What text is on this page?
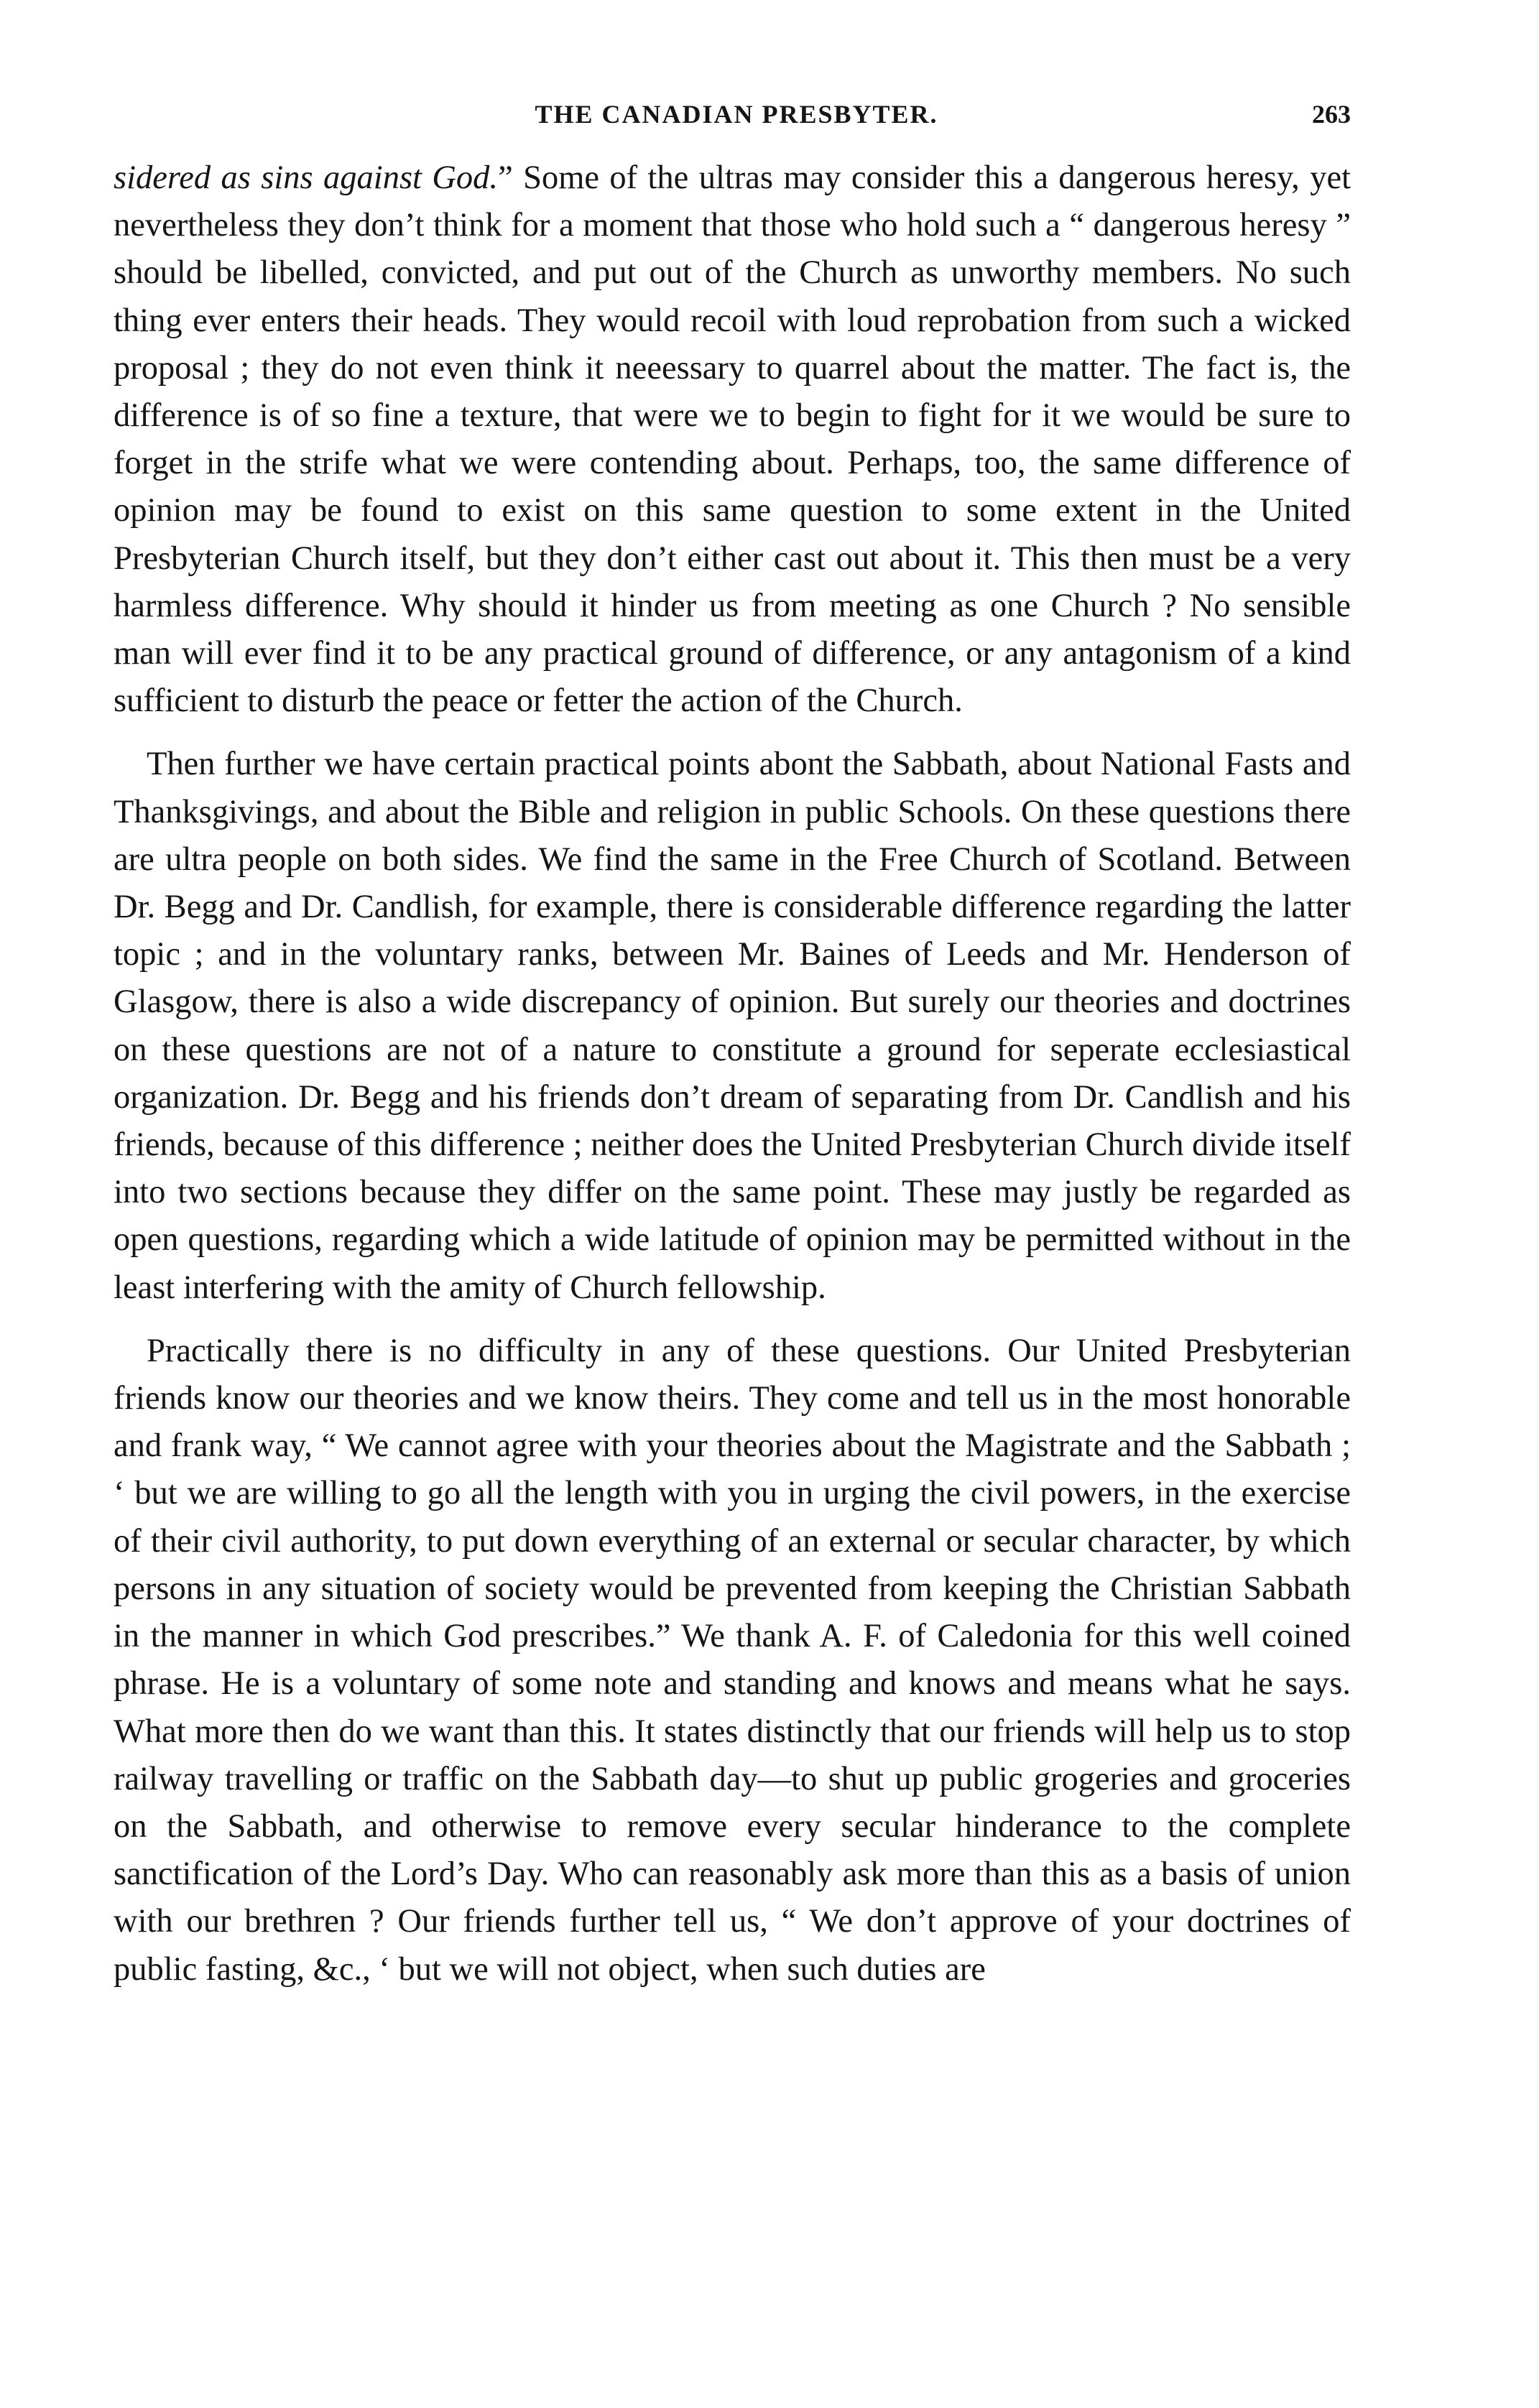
THE CANADIAN PRESBYTER.	263

sidered as sins against God.” Some of the ultras may consider this a dangerous heresy, yet nevertheless they don’t think for a moment that those who hold such a “ dangerous heresy ” should be libelled, convicted, and put out of the Church as unworthy members. No such thing ever enters their heads. They would recoil with loud reprobation from such a wicked proposal ; they do not even think it neeessary to quarrel about the matter. The fact is, the difference is of so fine a texture, that were we to begin to fight for it we would be sure to forget in the strife what we were contending about. Perhaps, too, the same difference of opinion may be found to exist on this same question to some extent in the United Presbyterian Church itself, but they don’t either cast out about it. This then must be a very harmless difference. Why should it hinder us from meeting as one Church ? No sensible man will ever find it to be any practical ground of difference, or any antagonism of a kind sufficient to disturb the peace or fetter the action of the Church.

Then further we have certain practical points abont the Sabbath, about National Fasts and Thanksgivings, and about the Bible and religion in public Schools. On these questions there are ultra people on both sides. We find the same in the Free Church of Scotland. Between Dr. Begg and Dr. Candlish, for example, there is considerable difference regarding the latter topic ; and in the voluntary ranks, between Mr. Baines of Leeds and Mr. Henderson of Glasgow, there is also a wide discrepancy of opinion. But surely our theories and doctrines on these questions are not of a nature to constitute a ground for seperate ecclesiastical organization. Dr. Begg and his friends don’t dream of separating from Dr. Candlish and his friends, because of this difference ; neither does the United Presbyterian Church divide itself into two sections because they differ on the same point. These may justly be regarded as open questions, regarding which a wide latitude of opinion may be permitted without in the least interfering with the amity of Church fellowship.

Practically there is no difficulty in any of these questions. Our United Presbyterian friends know our theories and we know theirs. They come and tell us in the most honorable and frank way, “ We cannot agree with your theories about the Magistrate and the Sabbath ; ‘ but we are willing to go all the length with you in urging the civil powers, in the exercise of their civil authority, to put down everything of an external or secular character, by which persons in any situation of society would be prevented from keeping the Christian Sabbath in the manner in which God prescribes.” We thank A. F. of Caledonia for this well coined phrase. He is a voluntary of some note and standing and knows and means what he says. What more then do we want than this. It states distinctly that our friends will help us to stop railway travelling or traffic on the Sabbath day—to shut up public grogeries and groceries on the Sabbath, and otherwise to remove every secular hinderance to the complete sanctification of the Lord’s Day. Who can reasonably ask more than this as a basis of union with our brethren ? Our friends further tell us, “ We don’t approve of your doctrines of public fasting, &c., ‘ but we will not object, when such duties are
